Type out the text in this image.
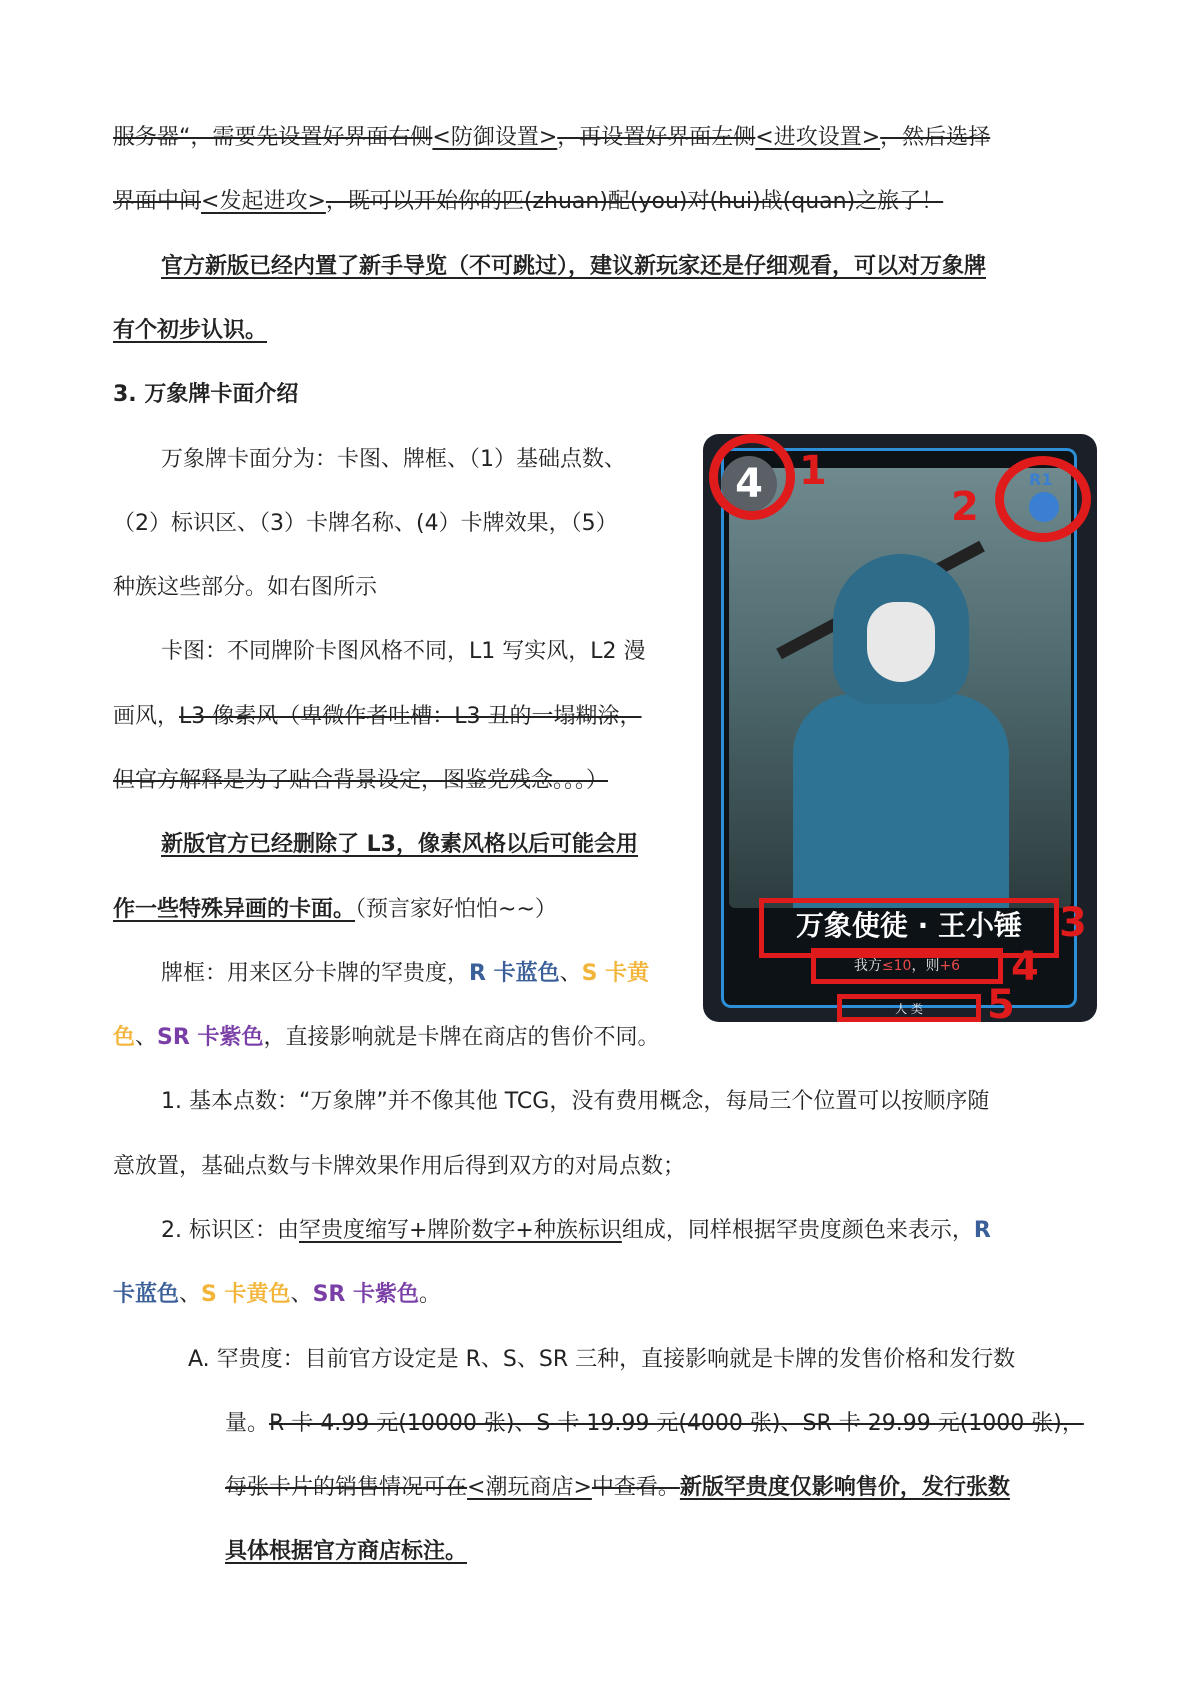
服务器“，需要先设置好界面右侧<防御设置>，再设置好界面左侧<进攻设置>，然后选择
界面中间<发起进攻>，既可以开始你的匹(zhuan)配(you)对(hui)战(quan)之旅了！
官方新版已经内置了新手导览（不可跳过），建议新玩家还是仔细观看，可以对万象牌
有个初步认识。
3. 万象牌卡面介绍
万象牌卡面分为：卡图、牌框、（1）基础点数、
（2）标识区、（3）卡牌名称、(4）卡牌效果，（5）
种族这些部分。如右图所示
卡图：不同牌阶卡图风格不同，L1 写实风，L2 漫
画风，L3 像素风（卑微作者吐槽：L3 丑的一塌糊涂，
但官方解释是为了贴合背景设定，图鉴党残念。。。）
新版官方已经删除了 L3，像素风格以后可能会用
作一些特殊异画的卡面。（预言家好怕怕~~）
牌框：用来区分卡牌的罕贵度，R 卡蓝色、S 卡黄
色、SR 卡紫色，直接影响就是卡牌在商店的售价不同。
1. 基本点数：“万象牌”并不像其他 TCG，没有费用概念，每局三个位置可以按顺序随
意放置，基础点数与卡牌效果作用后得到双方的对局点数；
2. 标识区：由罕贵度缩写+牌阶数字+种族标识组成，同样根据罕贵度颜色来表示，R
卡蓝色、S 卡黄色、SR 卡紫色。
A. 罕贵度：目前官方设定是 R、S、SR 三种，直接影响就是卡牌的发售价格和发行数
量。R 卡 4.99 元(10000 张)、S 卡 19.99 元(4000 张)、SR 卡 29.99 元(1000 张)，
每张卡片的销售情况可在<潮玩商店>中查看。新版罕贵度仅影响售价，发行张数
具体根据官方商店标注。
4 1	R1
2
万象使徒 · 王小锤 3
我方≤10，则+6	4
人 类	5
